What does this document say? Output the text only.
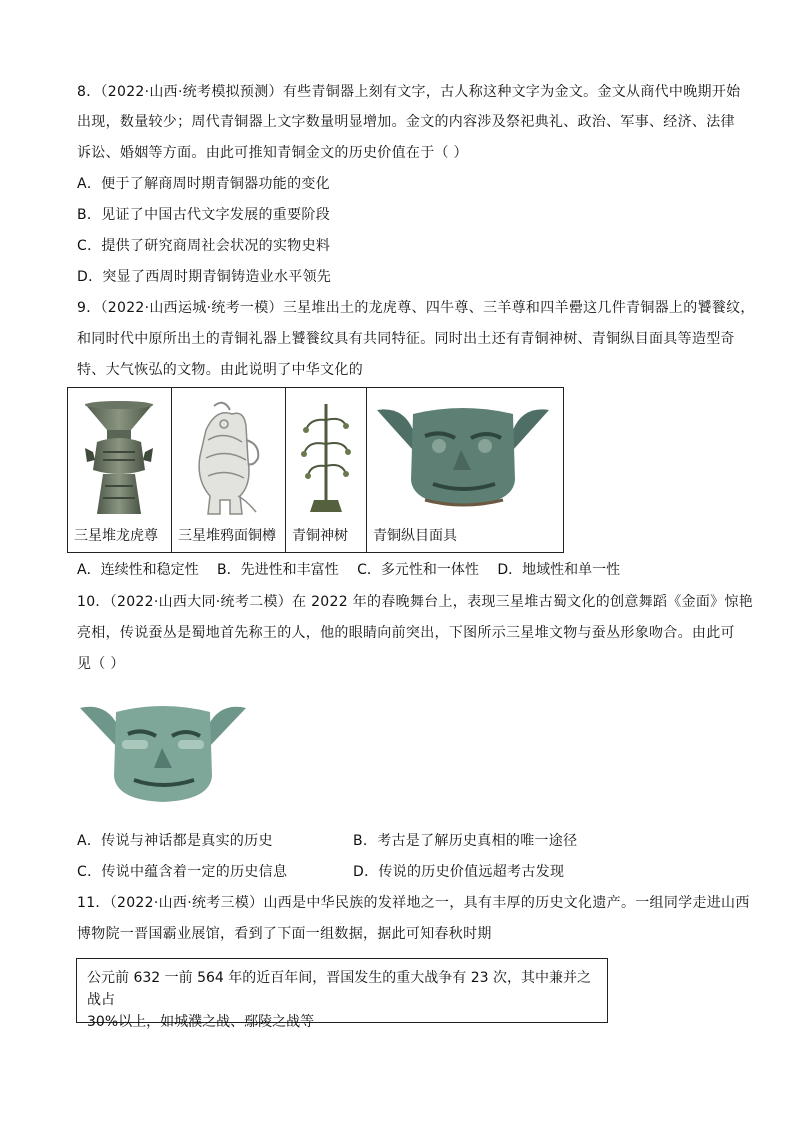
8．（2022·山西·统考模拟预测）有些青铜器上刻有文字，古人称这种文字为金文。金文从商代中晚期开始
出现，数量较少；周代青铜器上文字数量明显增加。金文的内容涉及祭祀典礼、政治、军事、经济、法律
诉讼、婚姻等方面。由此可推知青铜金文的历史价值在于（ ）
A．便于了解商周时期青铜器功能的变化
B．见证了中国古代文字发展的重要阶段
C．提供了研究商周社会状况的实物史料
D．突显了西周时期青铜铸造业水平领先
9．（2022·山西运城·统考一模）三星堆出土的龙虎尊、四牛尊、三羊尊和四羊罍这几件青铜器上的饕餮纹，
和同时代中原所出土的青铜礼器上饕餮纹具有共同特征。同时出土还有青铜神树、青铜纵目面具等造型奇
特、大气恢弘的文物。由此说明了中华文化的
三星堆龙虎尊 三星堆鸦面铜樽 青铜神树 青铜纵目面具
A．连续性和稳定性 B．先进性和丰富性 C．多元性和一体性 D．地域性和单一性
10．（2022·山西大同·统考二模）在 2022 年的春晚舞台上，表现三星堆古蜀文化的创意舞蹈《金面》惊艳
亮相，传说蚕丛是蜀地首先称王的人，他的眼睛向前突出，下图所示三星堆文物与蚕丛形象吻合。由此可
见（ ）
A．传说与神话都是真实的历史	B．考古是了解历史真相的唯一途径
C．传说中蕴含着一定的历史信息	D．传说的历史价值远超考古发现
11．（2022·山西·统考三模）山西是中华民族的发祥地之一，具有丰厚的历史文化遗产。一组同学走进山西
博物院一晋国霸业展馆，看到了下面一组数据，据此可知春秋时期
公元前 632 一前 564 年的近百年间，晋国发生的重大战争有 23 次，其中兼并之战占
30%以上，如城濮之战、鄢陵之战等
